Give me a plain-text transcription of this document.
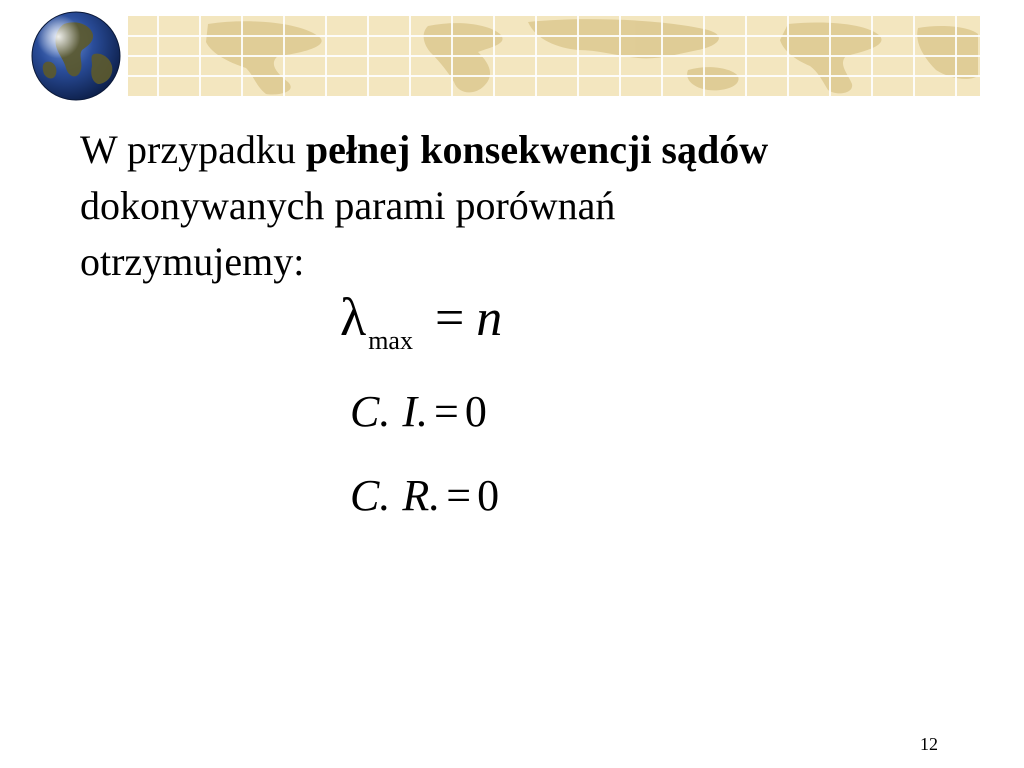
W przypadku pełnej konsekwencji sądów

dokonywanych parami porównań

otrzymujemy:

$\lambda_{max} = n$
C. I. = 0
C. R. = 0
12
